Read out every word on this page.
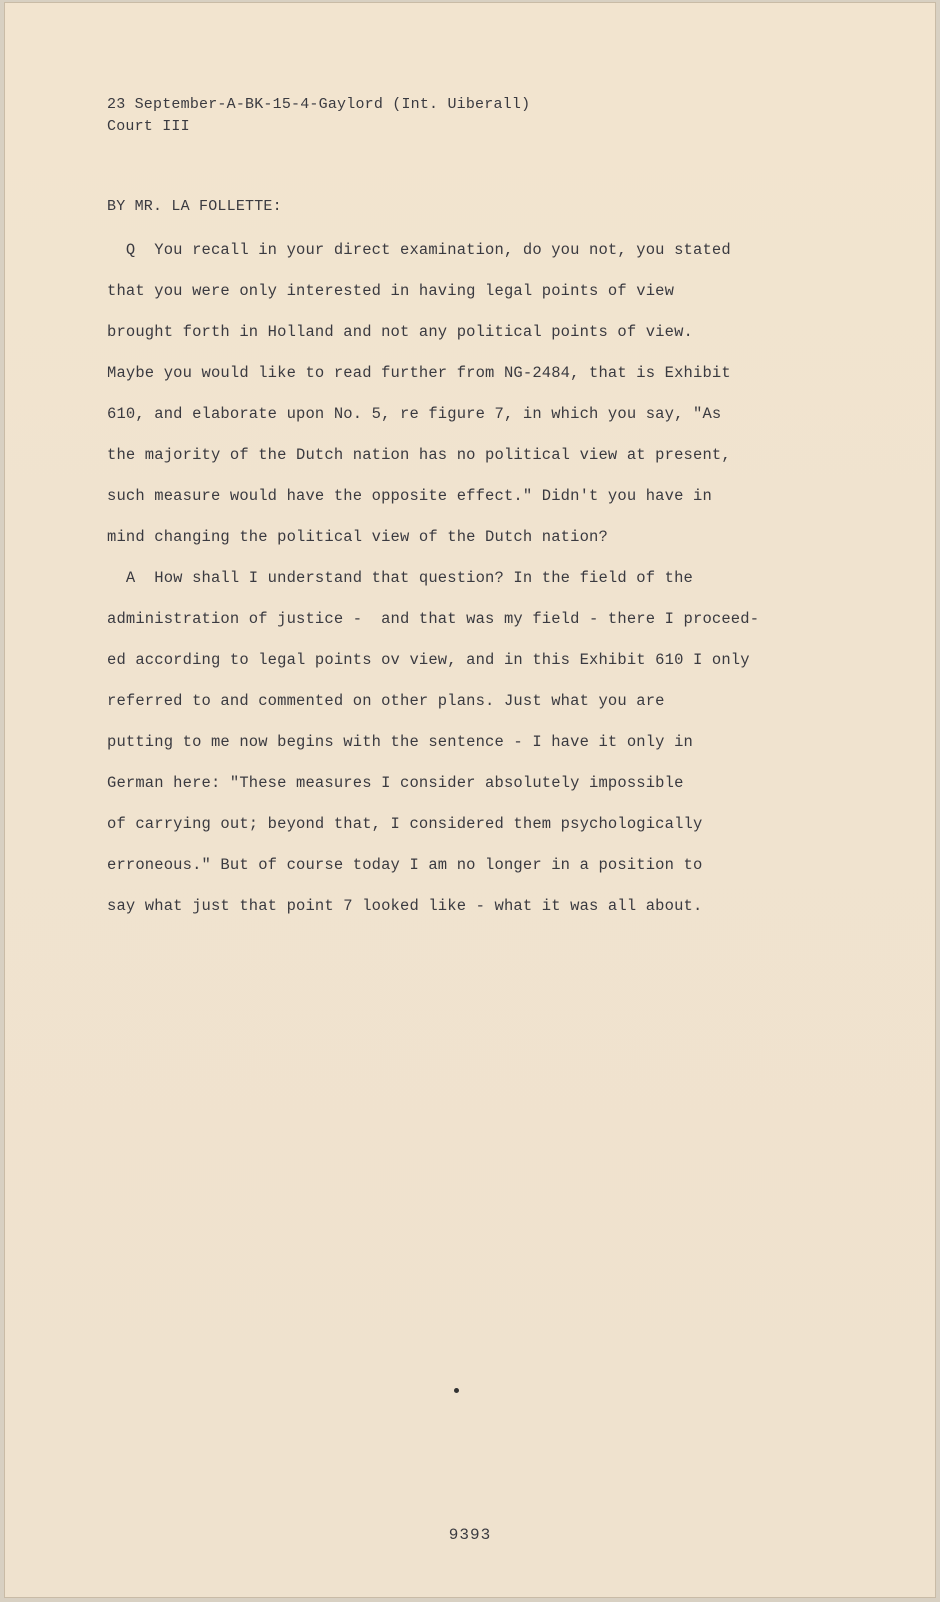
23 September-A-BK-15-4-Gaylord (Int. Uiberall)
Court III
BY MR. LA FOLLETTE:
Q  You recall in your direct examination, do you not, you stated
that you were only interested in having legal points of view
brought forth in Holland and not any political points of view.
Maybe you would like to read further from NG-2484, that is Exhibit
610, and elaborate upon No. 5, re figure 7, in which you say, "As
the majority of the Dutch nation has no political view at present,
such measure would have the opposite effect." Didn't you have in
mind changing the political view of the Dutch nation?
A  How shall I understand that question? In the field of the
administration of justice -  and that was my field - there I proceed-
ed according to legal points ov view, and in this Exhibit 610 I only
referred to and commented on other plans. Just what you are
putting to me now begins with the sentence - I have it only in
German here: "These measures I consider absolutely impossible
of carrying out; beyond that, I considered them psychologically
erroneous." But of course today I am no longer in a position to
say what just that point 7 looked like - what it was all about.
9393
